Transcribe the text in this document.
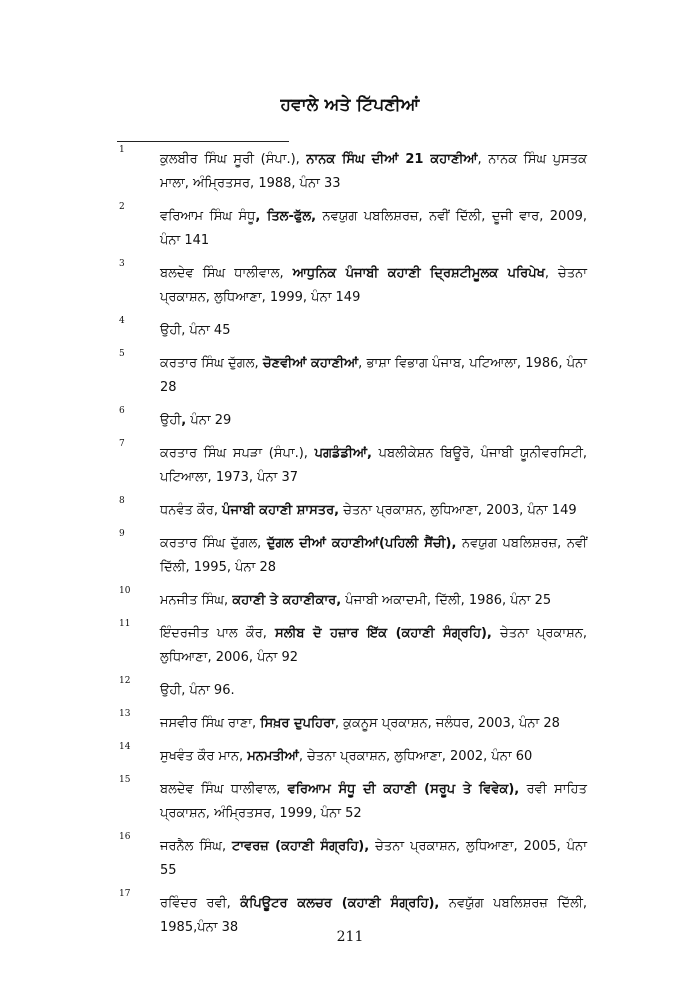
ਹਵਾਲੇ ਅਤੇ ਟਿੱਪਣੀਆਂ
1
ਕੁਲਬੀਰ ਸਿੰਘ ਸੂਰੀ (ਸੰਪਾ.), ਨਾਨਕ ਸਿੰਘ ਦੀਆਂ 21 ਕਹਾਣੀਆਂ, ਨਾਨਕ ਸਿੰਘ ਪੁਸਤਕ ਮਾਲਾ, ਅੰਮ੍ਰਿਤਸਰ, 1988, ਪੰਨਾ 33
2
ਵਰਿਆਮ ਸਿੰਘ ਸੰਧੂ, ਤਿਲ-ਫੁੱਲ, ਨਵਯੁਗ ਪਬਲਿਸ਼ਰਜ਼, ਨਵੀਂ ਦਿੱਲੀ, ਦੂਜੀ ਵਾਰ, 2009, ਪੰਨਾ 141
3
ਬਲਦੇਵ ਸਿੰਘ ਧਾਲੀਵਾਲ, ਆਧੁਨਿਕ ਪੰਜਾਬੀ ਕਹਾਣੀ ਦ੍ਰਿਸ਼ਟੀਮੂਲਕ ਪਰਿਪੇਖ, ਚੇਤਨਾ ਪ੍ਰਕਾਸ਼ਨ, ਲੁਧਿਆਣਾ, 1999, ਪੰਨਾ 149
4
ਉਹੀ, ਪੰਨਾ 45
5
ਕਰਤਾਰ ਸਿੰਘ ਦੁੱਗਲ, ਚੋਣਵੀਆਂ ਕਹਾਣੀਆਂ, ਭਾਸ਼ਾ ਵਿਭਾਗ ਪੰਜਾਬ, ਪਟਿਆਲਾ, 1986, ਪੰਨਾ 28
6
ਉਹੀ, ਪੰਨਾ 29
7
ਕਰਤਾਰ ਸਿੰਘ ਸਪੜਾ (ਸੰਪਾ.), ਪਗਡੰਡੀਆਂ, ਪਬਲੀਕੇਸ਼ਨ ਬਿਊਰੋ, ਪੰਜਾਬੀ ਯੂਨੀਵਰਸਿਟੀ, ਪਟਿਆਲਾ, 1973, ਪੰਨਾ 37
8
ਧਨਵੰਤ ਕੌਰ, ਪੰਜਾਬੀ ਕਹਾਣੀ ਸ਼ਾਸਤਰ, ਚੇਤਨਾ ਪ੍ਰਕਾਸ਼ਨ, ਲੁਧਿਆਣਾ, 2003, ਪੰਨਾ 149
9
ਕਰਤਾਰ ਸਿੰਘ ਦੁੱਗਲ, ਦੁੱਗਲ ਦੀਆਂ ਕਹਾਣੀਆਂ(ਪਹਿਲੀ ਸੈਂਚੀ), ਨਵਯੁਗ ਪਬਲਿਸ਼ਰਜ਼, ਨਵੀਂ ਦਿੱਲੀ, 1995, ਪੰਨਾ 28
10
ਮਨਜੀਤ ਸਿੰਘ, ਕਹਾਣੀ ਤੇ ਕਹਾਣੀਕਾਰ, ਪੰਜਾਬੀ ਅਕਾਦਮੀ, ਦਿੱਲੀ, 1986, ਪੰਨਾ 25
11
ਇੰਦਰਜੀਤ ਪਾਲ ਕੌਰ, ਸਲੀਬ ਦੋ ਹਜ਼ਾਰ ਇੱਕ (ਕਹਾਣੀ ਸੰਗ੍ਰਹਿ), ਚੇਤਨਾ ਪ੍ਰਕਾਸ਼ਨ, ਲੁਧਿਆਣਾ, 2006, ਪੰਨਾ 92
12
ਉਹੀ, ਪੰਨਾ 96.
13
ਜਸਵੀਰ ਸਿੰਘ ਰਾਣਾ, ਸਿਖ਼ਰ ਦੁਪਹਿਰਾ, ਕੁਕਨੂਸ ਪ੍ਰਕਾਸ਼ਨ, ਜਲੰਧਰ, 2003, ਪੰਨਾ 28
14
ਸੁਖਵੰਤ ਕੌਰ ਮਾਨ, ਮਨਮਤੀਆਂ, ਚੇਤਨਾ ਪ੍ਰਕਾਸ਼ਨ, ਲੁਧਿਆਣਾ, 2002, ਪੰਨਾ 60
15
ਬਲਦੇਵ ਸਿੰਘ ਧਾਲੀਵਾਲ, ਵਰਿਆਮ ਸੰਧੂ ਦੀ ਕਹਾਣੀ (ਸਰੂਪ ਤੇ ਵਿਵੇਕ), ਰਵੀ ਸਾਹਿਤ ਪ੍ਰਕਾਸ਼ਨ, ਅੰਮ੍ਰਿਤਸਰ, 1999, ਪੰਨਾ 52
16
ਜਰਨੈਲ ਸਿੰਘ, ਟਾਵਰਜ਼ (ਕਹਾਣੀ ਸੰਗ੍ਰਹਿ), ਚੇਤਨਾ ਪ੍ਰਕਾਸ਼ਨ, ਲੁਧਿਆਣਾ, 2005, ਪੰਨਾ 55
17
ਰਵਿੰਦਰ ਰਵੀ, ਕੰਪਿਊਟਰ ਕਲਚਰ (ਕਹਾਣੀ ਸੰਗ੍ਰਹਿ), ਨਵਯੁੱਗ ਪਬਲਿਸ਼ਰਜ਼ ਦਿੱਲੀ, 1985,ਪੰਨਾ 38
211
